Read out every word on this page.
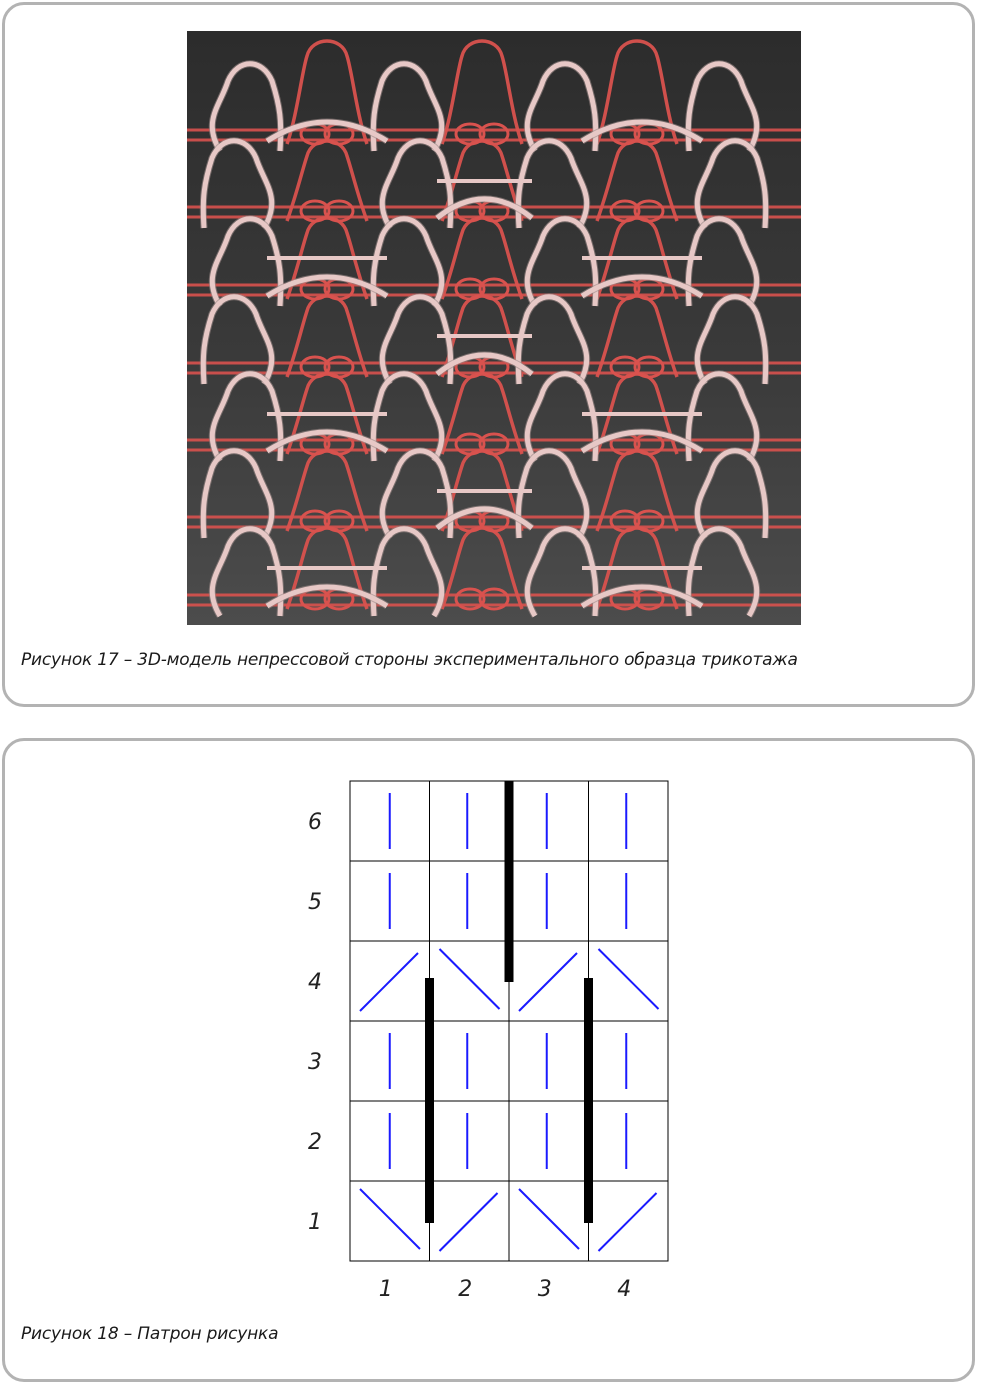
Рисунок 17 – 3D-модель непрессовой стороны экспериментального образца трикотажа
6
5
4
3
2
1
1	2	3	4
Рисунок 18 – Патрон рисунка
